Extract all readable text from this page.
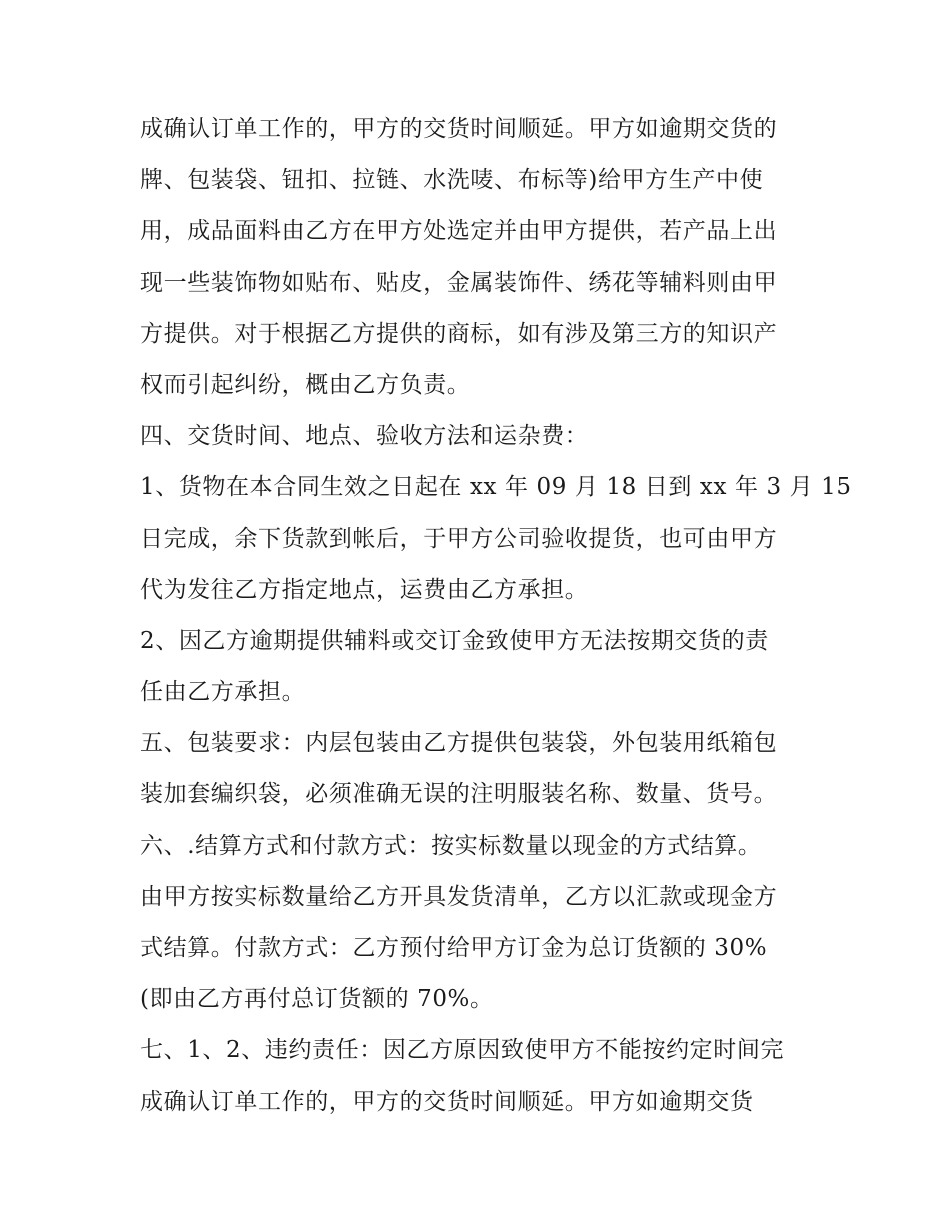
成确认订单工作的，甲方的交货时间顺延。甲方如逾期交货的
牌、包装袋、钮扣、拉链、水洗唛、布标等)给甲方生产中使
用，成品面料由乙方在甲方处选定并由甲方提供，若产品上出
现一些装饰物如贴布、贴皮，金属装饰件、绣花等辅料则由甲
方提供。对于根据乙方提供的商标，如有涉及第三方的知识产
权而引起纠纷，概由乙方负责。
四、交货时间、地点、验收方法和运杂费：
1、货物在本合同生效之日起在 xx 年 09 月 18 日到 xx 年 3 月 15
日完成，余下货款到帐后，于甲方公司验收提货，也可由甲方
代为发往乙方指定地点，运费由乙方承担。
2、因乙方逾期提供辅料或交订金致使甲方无法按期交货的责
任由乙方承担。
五、包装要求：内层包装由乙方提供包装袋，外包装用纸箱包
装加套编织袋，必须准确无误的注明服装名称、数量、货号。
六、.结算方式和付款方式：按实标数量以现金的方式结算。
由甲方按实标数量给乙方开具发货清单，乙方以汇款或现金方
式结算。付款方式：乙方预付给甲方订金为总订货额的 30%
(即由乙方再付总订货额的 70%。
七、1、2、违约责任：因乙方原因致使甲方不能按约定时间完
成确认订单工作的，甲方的交货时间顺延。甲方如逾期交货
